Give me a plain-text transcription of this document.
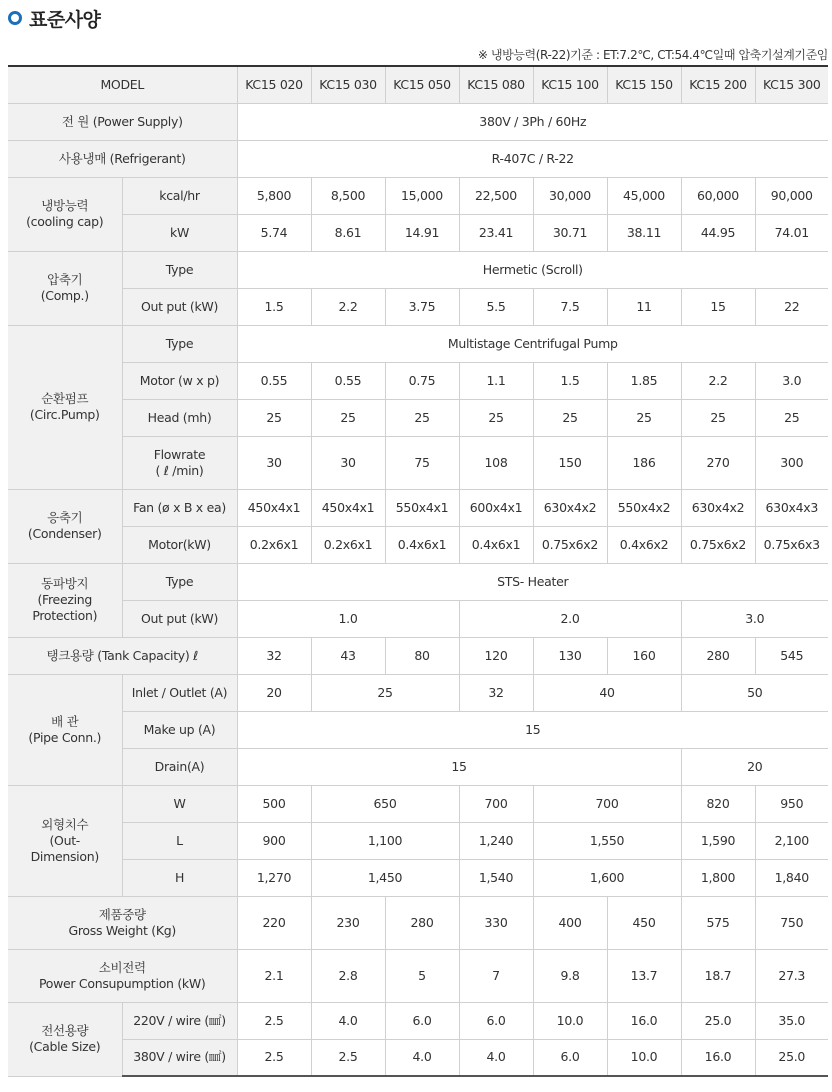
표준사양
※ 냉방능력(R-22)기준 : ET:7.2℃, CT:54.4℃일때 압축기설계기준임
MODEL		KC15 020	KC15 030	KC15 050	KC15 080	KC15 100	KC15 150	KC15 200	KC15 300
전 원 (Power Supply)		380V / 3Ph / 60Hz							
사용냉매 (Refrigerant)		R-407C / R-22							

냉방능력
(cooling cap)	kcal/hr	5,800	8,500	15,000	22,500	30,000	45,000	60,000	90,000
	kW	5.74	8.61	14.91	23.41	30.71	38.11	44.95	74.01

압축기
(Comp.)	Type	Hermetic (Scroll)							
	Out put (kW)	1.5	2.2	3.75	5.5	7.5	11	15	22

순환펌프
(Circ.Pump)	Type	Multistage Centrifugal Pump							
	Motor (w x p)	0.55	0.55	0.75	1.1	1.5	1.85	2.2	3.0
	Head (mh)	25	25	25	25	25	25	25	25

	Flowrate
( ℓ /min)	30	30	75	108	150	186	270	300

응축기
(Condenser)	Fan (ø x B x ea)	450x4x1	450x4x1	550x4x1	600x4x1	630x4x2	550x4x2	630x4x2	630x4x3
	Motor(kW)	0.2x6x1	0.2x6x1	0.4x6x1	0.4x6x1	0.75x6x2	0.4x6x2	0.75x6x2	0.75x6x3

동파방지
(Freezing
Protection)	Type	STS- Heater							
	Out put (kW)	1.0			2.0			3.0	
탱크용량 (Tank Capacity) ℓ		32	43	80	120	130	160	280	545

배 관
(Pipe Conn.)	Inlet / Outlet (A)	20	25		32	40		50	
	Make up (A)	15							
	Drain(A)	15						20	

외형치수
(Out-
Dimension)	W	500	650		700	700		820	950
	L	900	1,100		1,240	1,550		1,590	2,100
	H	1,270	1,450		1,540	1,600		1,800	1,840

제품중량
Gross Weight (Kg)		220	230	280	330	400	450	575	750

소비전력
Power Consupumption (kW)		2.1	2.8	5	7	9.8	13.7	18.7	27.3

전선용량
(Cable Size)	220V / wire (㎟)	2.5	4.0	6.0	6.0	10.0	16.0	25.0	35.0
	380V / wire (㎟)	2.5	2.5	4.0	4.0	6.0	10.0	16.0	25.0
